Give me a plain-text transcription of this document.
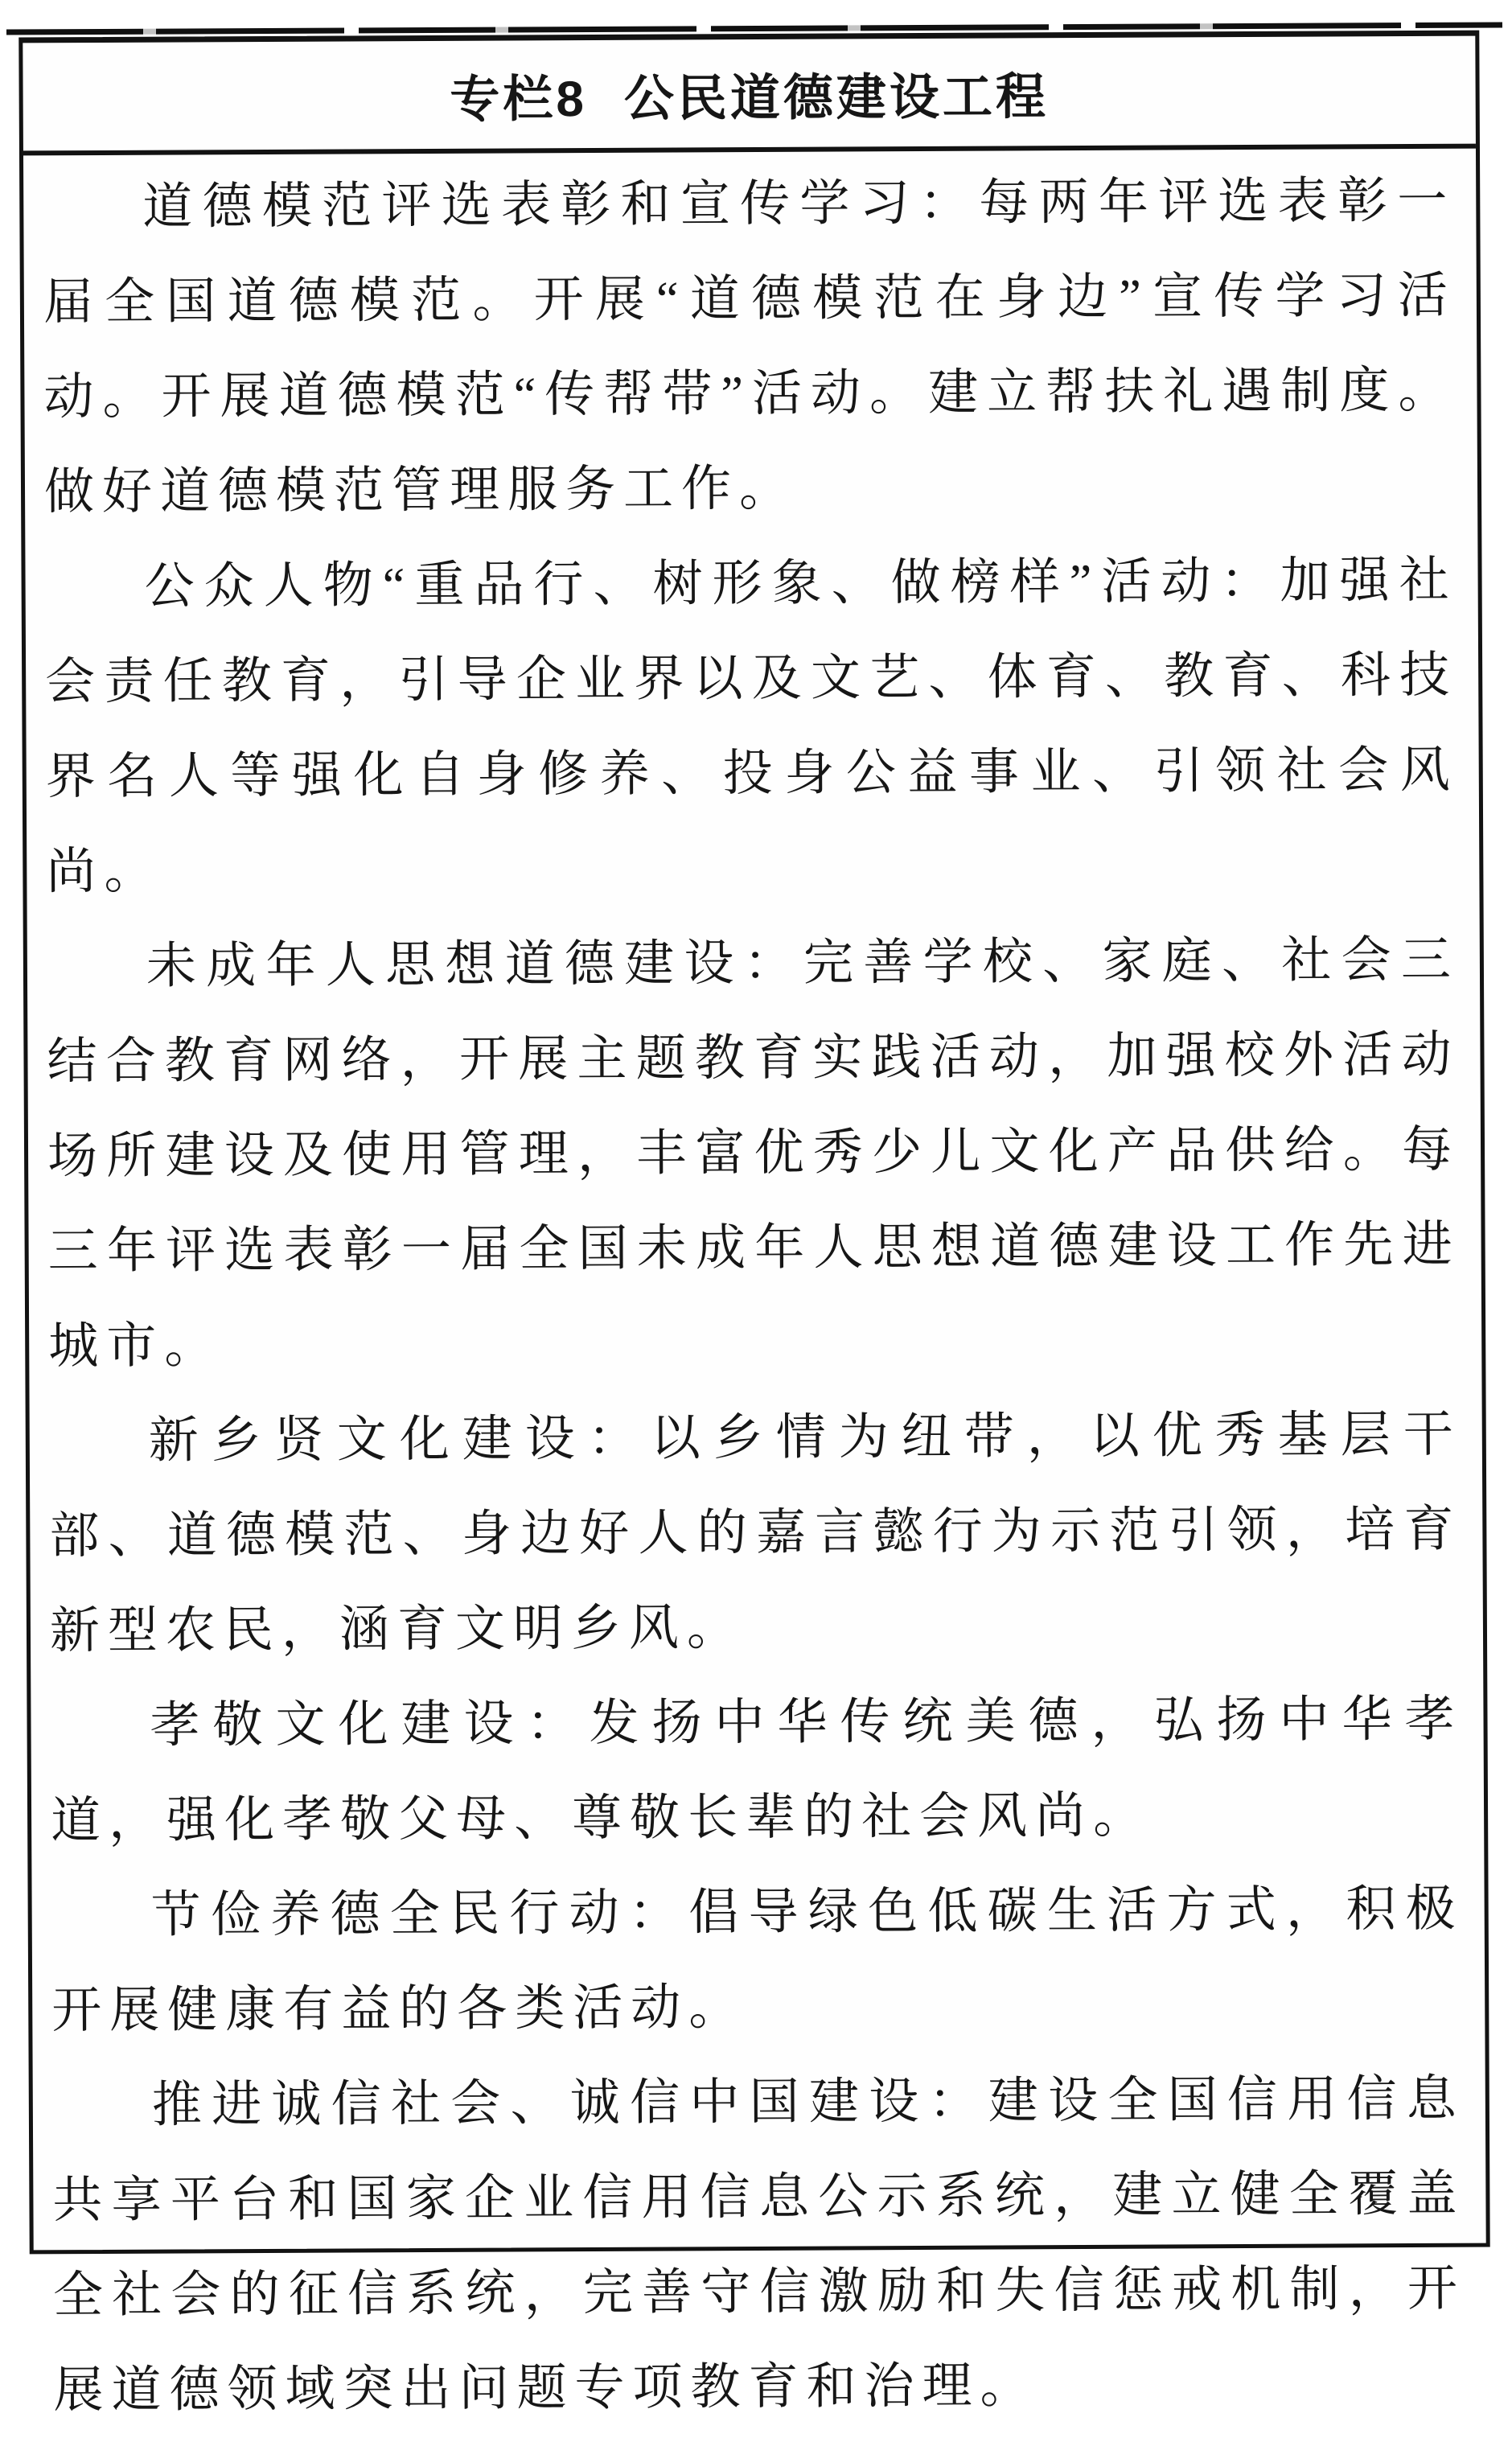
专栏8 公民道德建设工程

道德模范评选表彰和宣传学习：每两年评选表彰一届全国道德模范。开展“道德模范在身边”宣传学习活动。开展道德模范“传帮带”活动。建立帮扶礼遇制度。做好道德模范管理服务工作。

公众人物“重品行、树形象、做榜样”活动：加强社会责任教育，引导企业界以及文艺、体育、教育、科技界名人等强化自身修养、投身公益事业、引领社会风尚。

未成年人思想道德建设：完善学校、家庭、社会三结合教育网络，开展主题教育实践活动，加强校外活动场所建设及使用管理，丰富优秀少儿文化产品供给。每三年评选表彰一届全国未成年人思想道德建设工作先进城市。

新乡贤文化建设：以乡情为纽带，以优秀基层干部、道德模范、身边好人的嘉言懿行为示范引领，培育新型农民，涵育文明乡风。

孝敬文化建设：发扬中华传统美德，弘扬中华孝道，强化孝敬父母、尊敬长辈的社会风尚。

节俭养德全民行动：倡导绿色低碳生活方式，积极开展健康有益的各类活动。

推进诚信社会、诚信中国建设：建设全国信用信息共享平台和国家企业信用信息公示系统，建立健全覆盖全社会的征信系统，完善守信激励和失信惩戒机制，开展道德领域突出问题专项教育和治理。
